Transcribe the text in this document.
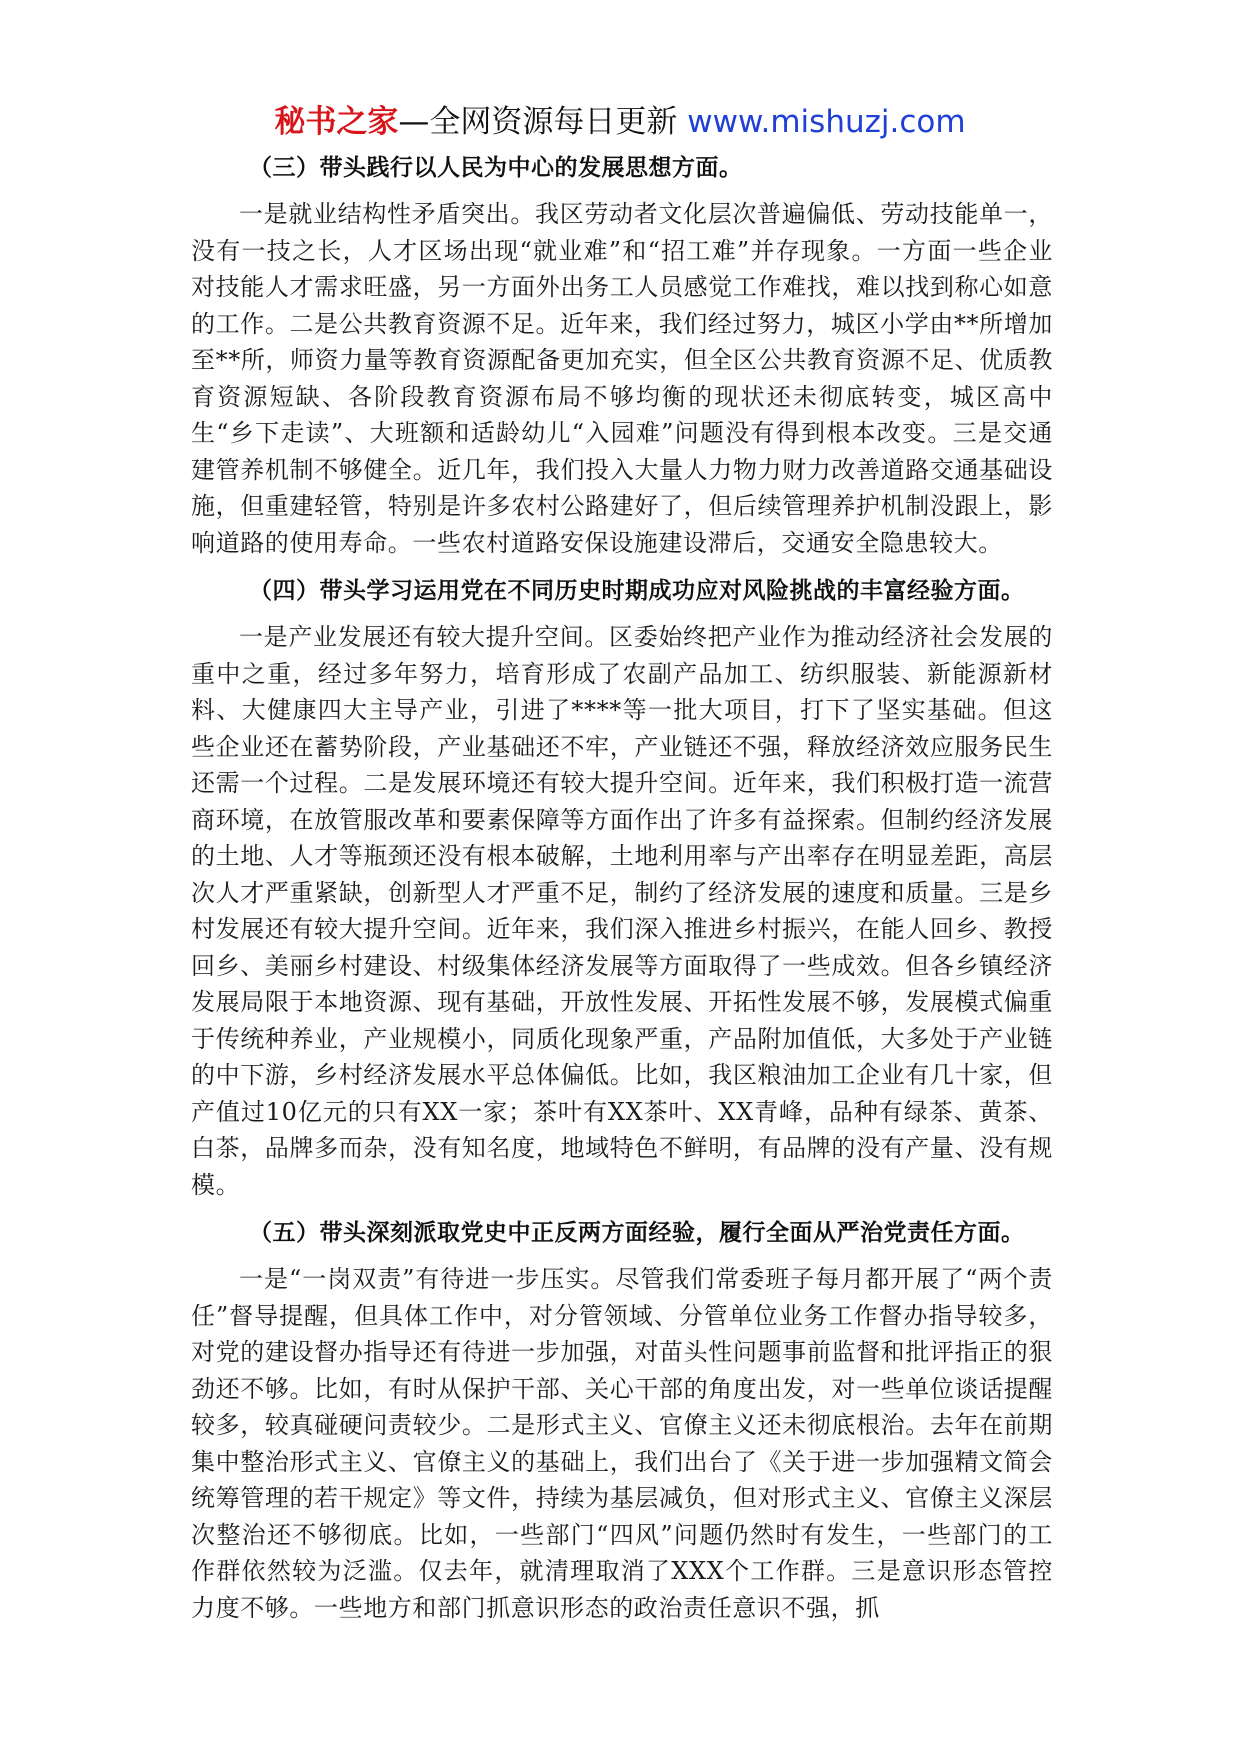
秘书之家—全网资源每日更新 www.mishuzj.com
（三）带头践行以人民为中心的发展思想方面。

一是就业结构性矛盾突出。我区劳动者文化层次普遍偏低、劳动技能单一，没有一技之长，人才区场出现“就业难”和“招工难”并存现象。一方面一些企业对技能人才需求旺盛，另一方面外出务工人员感觉工作难找，难以找到称心如意的工作。二是公共教育资源不足。近年来，我们经过努力，城区小学由**所增加至**所，师资力量等教育资源配备更加充实，但全区公共教育资源不足、优质教育资源短缺、各阶段教育资源布局不够均衡的现状还未彻底转变，城区高中生“乡下走读”、大班额和适龄幼儿“入园难”问题没有得到根本改变。三是交通建管养机制不够健全。近几年，我们投入大量人力物力财力改善道路交通基础设施，但重建轻管，特别是许多农村公路建好了，但后续管理养护机制没跟上，影响道路的使用寿命。一些农村道路安保设施建设滞后，交通安全隐患较大。

（四）带头学习运用党在不同历史时期成功应对风险挑战的丰富经验方面。

一是产业发展还有较大提升空间。区委始终把产业作为推动经济社会发展的重中之重，经过多年努力，培育形成了农副产品加工、纺织服装、新能源新材料、大健康四大主导产业，引进了****等一批大项目，打下了坚实基础。但这些企业还在蓄势阶段，产业基础还不牢，产业链还不强，释放经济效应服务民生还需一个过程。二是发展环境还有较大提升空间。近年来，我们积极打造一流营商环境，在放管服改革和要素保障等方面作出了许多有益探索。但制约经济发展的土地、人才等瓶颈还没有根本破解，土地利用率与产出率存在明显差距，高层次人才严重紧缺，创新型人才严重不足，制约了经济发展的速度和质量。三是乡村发展还有较大提升空间。近年来，我们深入推进乡村振兴，在能人回乡、教授回乡、美丽乡村建设、村级集体经济发展等方面取得了一些成效。但各乡镇经济发展局限于本地资源、现有基础，开放性发展、开拓性发展不够，发展模式偏重于传统种养业，产业规模小，同质化现象严重，产品附加值低，大多处于产业链的中下游，乡村经济发展水平总体偏低。比如，我区粮油加工企业有几十家，但产值过10亿元的只有XX一家；茶叶有XX茶叶、XX青峰，品种有绿茶、黄茶、白茶，品牌多而杂，没有知名度，地域特色不鲜明，有品牌的没有产量、没有规模。

（五）带头深刻派取党史中正反两方面经验，履行全面从严治党责任方面。

一是“一岗双责”有待进一步压实。尽管我们常委班子每月都开展了“两个责任”督导提醒，但具体工作中，对分管领域、分管单位业务工作督办指导较多，对党的建设督办指导还有待进一步加强，对苗头性问题事前监督和批评指正的狠劲还不够。比如，有时从保护干部、关心干部的角度出发，对一些单位谈话提醒较多，较真碰硬问责较少。二是形式主义、官僚主义还未彻底根治。去年在前期集中整治形式主义、官僚主义的基础上，我们出台了《关于进一步加强精文简会统筹管理的若干规定》等文件，持续为基层减负，但对形式主义、官僚主义深层次整治还不够彻底。比如，一些部门“四风”问题仍然时有发生，一些部门的工作群依然较为泛滥。仅去年，就清理取消了XXX个工作群。三是意识形态管控力度不够。一些地方和部门抓意识形态的政治责任意识不强，抓
